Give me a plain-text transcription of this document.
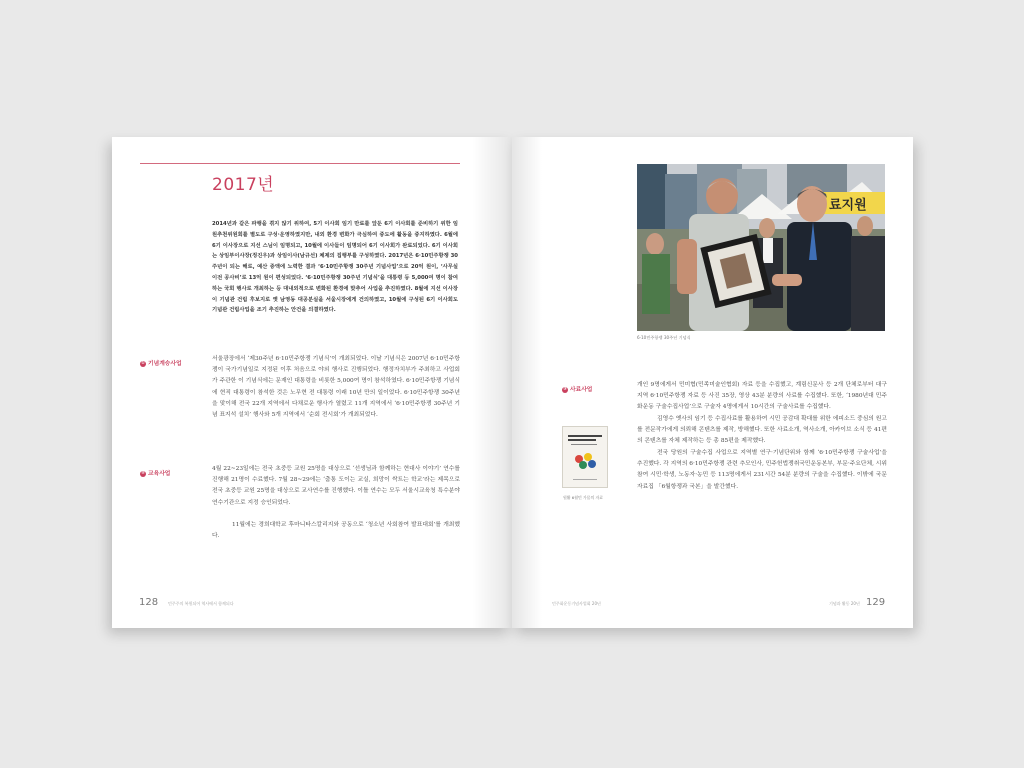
2017년

2014년과 같은 파행을 겪지 않기 위하여, 5기 이사회 임기 만료를 앞둔 6기 이사회를 준비하기 위한 임원추천위원회를 별도로 구성·운영하였지만, 내외 환경 변화가 극심하여 중도에 활동을 중지하였다. 6월에 6기 이사장으로 지선 스님이 임명되고, 10월에 이사들이 임명되어 6기 이사회가 완료되었다. 6기 이사회는 상임부이사장(정진우)과 상임이사(남규선) 체제의 집행부를 구성하였다. 2017년은 6·10민주항쟁 30주년이 되는 해로, 예산 증액에 노력한 결과 ‘6·10민주항쟁 30주년 기념사업’으로 20억 원이, ‘사무실 이전 공사비’로 13억 원이 편성되었다. ‘6·10민주항쟁 30주년 기념식’을 대통령 등 5,000여 명이 참여하는 국회 행사로 개최하는 등 대내외적으로 변화된 환경에 맞추어 사업을 추진하였다. 8월에 지선 이사장이 기념관 건립 후보지로 옛 남영동 대공분실을 서울시장에게 건의하였고, 10월에 구성된 6기 이사회도 기념관 건립사업을 조기 추진하는 안건을 의결하였다.

① 기념계승사업

서울광장에서 ‘제30주년 6·10민주항쟁 기념식’이 개최되었다. 이날 기념식은 2007년 6·10민주항쟁이 국가기념일로 지정된 이후 처음으로 야외 행사로 진행되었다. 행정자치부가 주최하고 사업회가 주관한 이 기념식에는 문재인 대통령을 비롯한 5,000여 명이 참석하였다. 6·10민주항쟁 기념식에 현직 대통령이 참석한 것은 노무현 전 대통령 이래 10년 만의 일이었다. 6·10민주항쟁 30주년을 맞이해 전국 22개 지역에서 다채로운 행사가 열렸고 11개 지역에서 ‘6·10민주항쟁 30주년 기념 표지석 설치’ 행사와 5개 지역에서 ‘순회 전시회’가 개최되었다.

② 교육사업

4월 22~23일에는 전국 초중등 교원 25명을 대상으로 ‘선생님과 함께하는 현대사 이야기’ 연수를 진행해 21명이 수료했다. 7월 28~29에는 ‘춤통 도이는 교실, 희망이 싹트는 학교’라는 제목으로 전국 초중등 교원 25명을 대상으로 교사연수를 진행했다. 이틀 연수는 모두 서울시교육청 특수분야연수기관으로 지정 승인되었다.

11월에는 경희대학교 후마니타스칼리지와 공동으로 ‘청소년 사회참여 발표대회’를 개최했다.

128 민주주의 복원되어 역사에서 함께되다
료지원
6·10민주항쟁 30주년 기념식
③ 사료사업

개인 9명에게서 민미협(민족미술인협회) 자료 등을 수집했고, 계림신문사 등 2개 단체로부터 대구지역 6·10민주항쟁 자료 등 사진 35장, 영상 43분 분량의 사료를 수집했다. 또한, ‘1980년대 민주화운동 구술수집사업’으로 구술자 4명에게서 10시간의 구술사료를 수집했다.

김영수 옛사의 임기 등 수집사료를 활용하여 시민 공감대 확대를 위한 에피소드 중심의 원고를 전문작가에게 의뢰해 콘텐츠를 제작, 방해했다. 또한 사료소개, 역사소개, 아카이브 소식 등 41편의 콘텐츠를 자체 제작하는 등 총 85편을 제작했다.

전국 당원의 구술수집 사업으로 지역별 연구·기념단위와 함께 ‘6·10민주항쟁 구술사업’을 추진했다. 각 지역의 6·10민주항쟁 관련 추모인사, 민주헌법쟁취국민운동본부, 부문·주요단체, 시위참여 시민·학생, 노동자·농민 등 113명에게서 231시간 54분 분량의 구술을 수집했다. 이밖에 국문 자료집 「6월항쟁과 국본」을 발간했다.

원활 6월민 가뭄의 자료
민주화운동기념사업회 20년	기념과 활동 20년 129
